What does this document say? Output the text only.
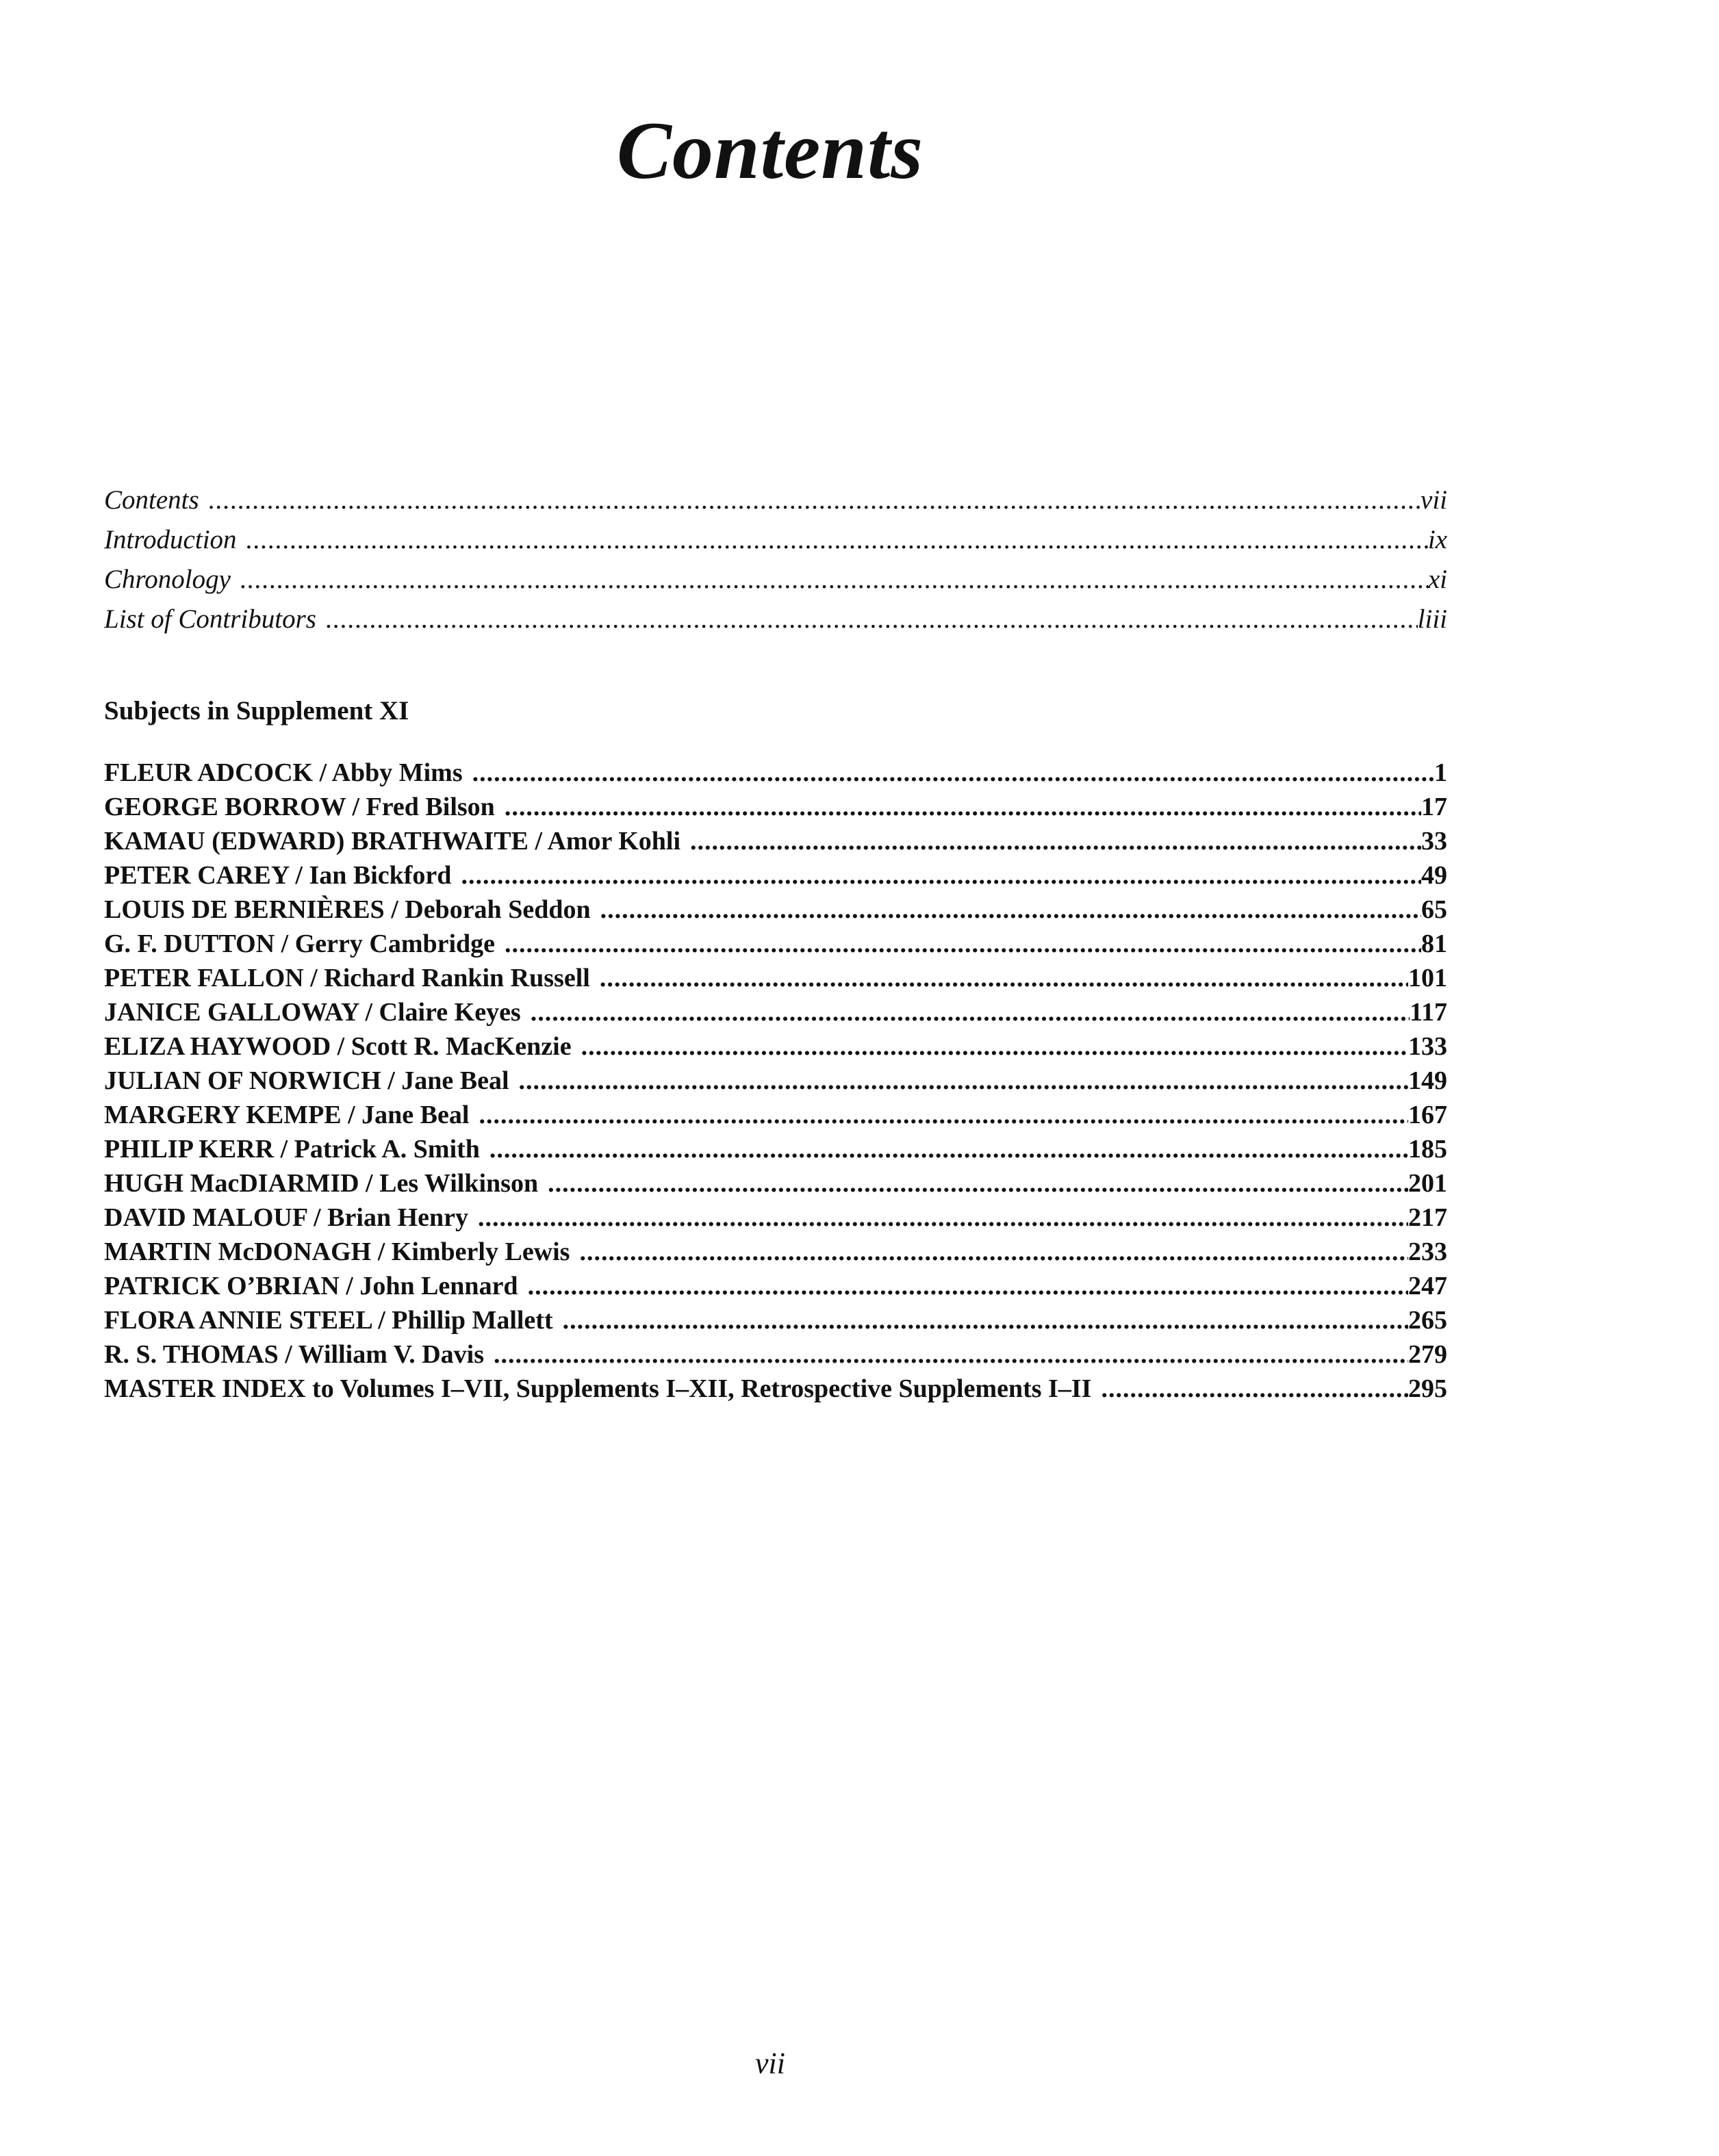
Contents
Contents .....	vii
Introduction .....	ix
Chronology .....	xi
List of Contributors .....	liii
Subjects in Supplement XI
FLEUR ADCOCK / Abby Mims .....	1
GEORGE BORROW / Fred Bilson .....	17
KAMAU (EDWARD) BRATHWAITE / Amor Kohli .....	33
PETER CAREY / Ian Bickford .....	49
LOUIS DE BERNIÈRES / Deborah Seddon .....	65
G. F. DUTTON / Gerry Cambridge .....	81
PETER FALLON / Richard Rankin Russell .....	101
JANICE GALLOWAY / Claire Keyes .....	117
ELIZA HAYWOOD / Scott R. MacKenzie .....	133
JULIAN OF NORWICH / Jane Beal .....	149
MARGERY KEMPE / Jane Beal .....	167
PHILIP KERR / Patrick A. Smith .....	185
HUGH MacDIARMID / Les Wilkinson .....	201
DAVID MALOUF / Brian Henry .....	217
MARTIN McDONAGH / Kimberly Lewis .....	233
PATRICK O’BRIAN / John Lennard .....	247
FLORA ANNIE STEEL / Phillip Mallett .....	265
R. S. THOMAS / William V. Davis .....	279
MASTER INDEX to Volumes I–VII, Supplements I–XII, Retrospective Supplements I–II .....	295
vii
